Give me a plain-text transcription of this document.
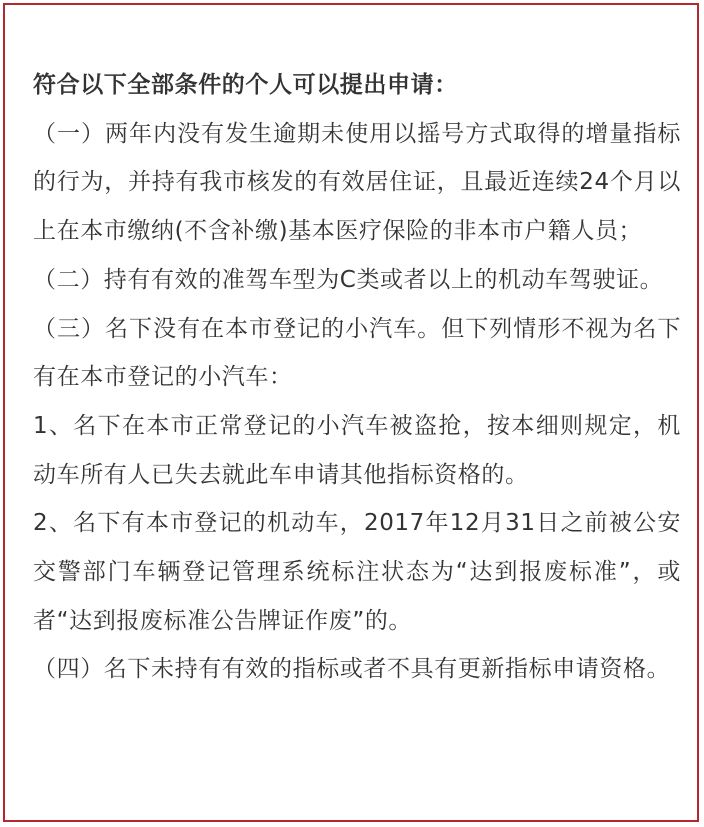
符合以下全部条件的个人可以提出申请：

（一）两年内没有发生逾期未使用以摇号方式取得的增量指标的行为，并持有我市核发的有效居住证，且最近连续24个月以上在本市缴纳(不含补缴)基本医疗保险的非本市户籍人员；

（二）持有有效的准驾车型为C类或者以上的机动车驾驶证。

（三）名下没有在本市登记的小汽车。但下列情形不视为名下有在本市登记的小汽车：

1、名下在本市正常登记的小汽车被盗抢，按本细则规定，机动车所有人已失去就此车申请其他指标资格的。

2、名下有本市登记的机动车，2017年12月31日之前被公安交警部门车辆登记管理系统标注状态为“达到报废标准”，或者“达到报废标准公告牌证作废”的。

（四）名下未持有有效的指标或者不具有更新指标申请资格。
